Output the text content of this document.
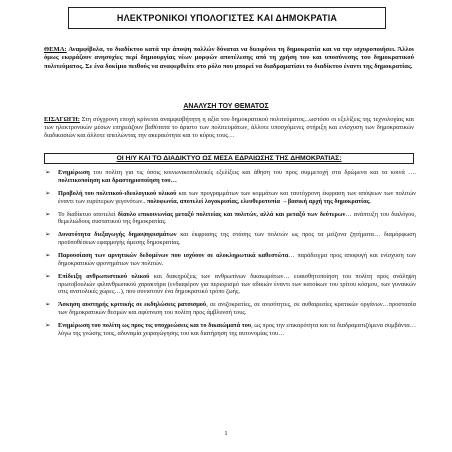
ΗΛΕΚΤΡΟΝΙΚΟΙ ΥΠΟΛΟΓΙΣΤΕΣ ΚΑΙ ΔΗΜΟΚΡΑΤΙΑ
ΘΕΜΑ: Αναμφίβολα, το διαδίκτυο κατά την άποψη πολλών δύναται να διευρύνει τη δημοκρατία και να την ισχυροποιήσει. Άλλοι όμως εκφράζουν ανησυχίες περί δημιουργίας νέων μορφών αποτέλεσης από τη χρήση του και υποσύνεσης του δημοκρατικού πολιτεύματος. Σε ένα δοκίμιο πειθούς να αναφερθείτε στο ρόλο που μπορεί να διαδραματίσει το διαδίκτυο έναντι της δημοκρατίας.
ΑΝΑΛΥΣΗ ΤΟΥ ΘΕΜΑΤΟΣ
ΕΙΣΑΓΩΓΗ: Στη σύγχρονη εποχή κρίνεται αναμφισβήτητη η αξία του δημοκρατικού πολιτεύματος...ωστόσο οι εξελίξεις της τεχνολογίας και των ηλεκτρονικών μέσων επηρεάζουν βαθύτατα το άριστο των πολιτευμάτων, άλλοτε υποσχόμενες στήριξη και ενίσχυση των δημοκρατικών διαδικασιών και άλλοτε απειλώντας την ακεραιότητα και το κύρος τους…
ΟΙ Η/Υ ΚΑΙ ΤΟ ΔΙΑΔΙΚΤΥΟ ΩΣ ΜΕΣΑ ΕΔΡΑΙΩΣΗΣ ΤΗΣ ΔΗΜΟΚΡΑΤΙΑΣ:
➢ Ενημέρωση του πολίτη για τις όσοις κοινωνικοπολιτικές εξελίξεις και άθηση του προς συμμετοχή στα δρώμενα και τα κοινά …. πολιτικοποίηση και δραστηριοποίηση του…
➢ Προβολή του πολιτικού-ιδεολογικού υλικού και των προγραμμάτων των κομμάτων και ταυτόχρονη έκφραση των απόψεων των πολιτών έναντι των ευρύτερων γεγονότων.. πολυφωνία, αποτελεί λογοκρισίας, ελευθεροτυπία →βασική αρχή της δημοκρατίας.
➢ Το διαδίκτυο αποτελεί δίαυλο επικοινωνίας μεταξύ πολιτείας και πολιτών, αλλά και μεταξύ των δεύτερων… ανάπτυξη του διαλόγου, θεμελιώδους συστατικού της δημοκρατίας.
➢ Δυνατότητα διεξαγωγής δημοψηφισμάτων και έκφρασης της στάσης των πολιτών ως προς τα μείζονα ζητήματα… διαμόρφωση προϋποθέσεων εφαρμογής άμεσης δημοκρατίας.
➢ Παρουσίαση των αρνητικών δεδομένων που ισχύουν σε αλοκληρωτικά καθεστώτα… παράδειγμα προς αποφυγή και ενίσχυση των δημοκρατικών φρονημάτων των πολιτών.
➢ Επίδειξη ανθρωπιστικού υλικού και διακηρύξεις των ανθρωπίνων δικαιωμάτων… ευαισθητοποίηση του πολίτη προς ανάληψη πρωτοβουλιών φιλανθρωπικού χαρακτήρα (ενδιαφέρον για περιορισμό των αδικιών έναντι των κατοίκων του τρίτου κόσμου, των γυναικών στις ανατολικές χώρες…), που συνιστούν ένα δημοκρατικό τρόπο ζωής.
➢ Άσκηση αυστηρής κριτικής σε εκδηλώσεις ρατσισμού, σε ανιζοκρατίες, σε ανισότητες, σε αυθαιρεσίες κρατικών οργάνων…προστασία των δημοκρατικών θεσμών και αφύπνιση του πολίτη προς άμβλυνσή τους.
➢ Ενημέρωση του πολίτη ως προς τις υποχρεώσεις και το δικαιώματά του, ως προς την επικαρότητα και τα διαδραματιζόμενα συμβάντα…λόγω της γνώσης τους, αδυναμία χειραγώγησης του και διατήρηση της αυτονομίας του…
1
